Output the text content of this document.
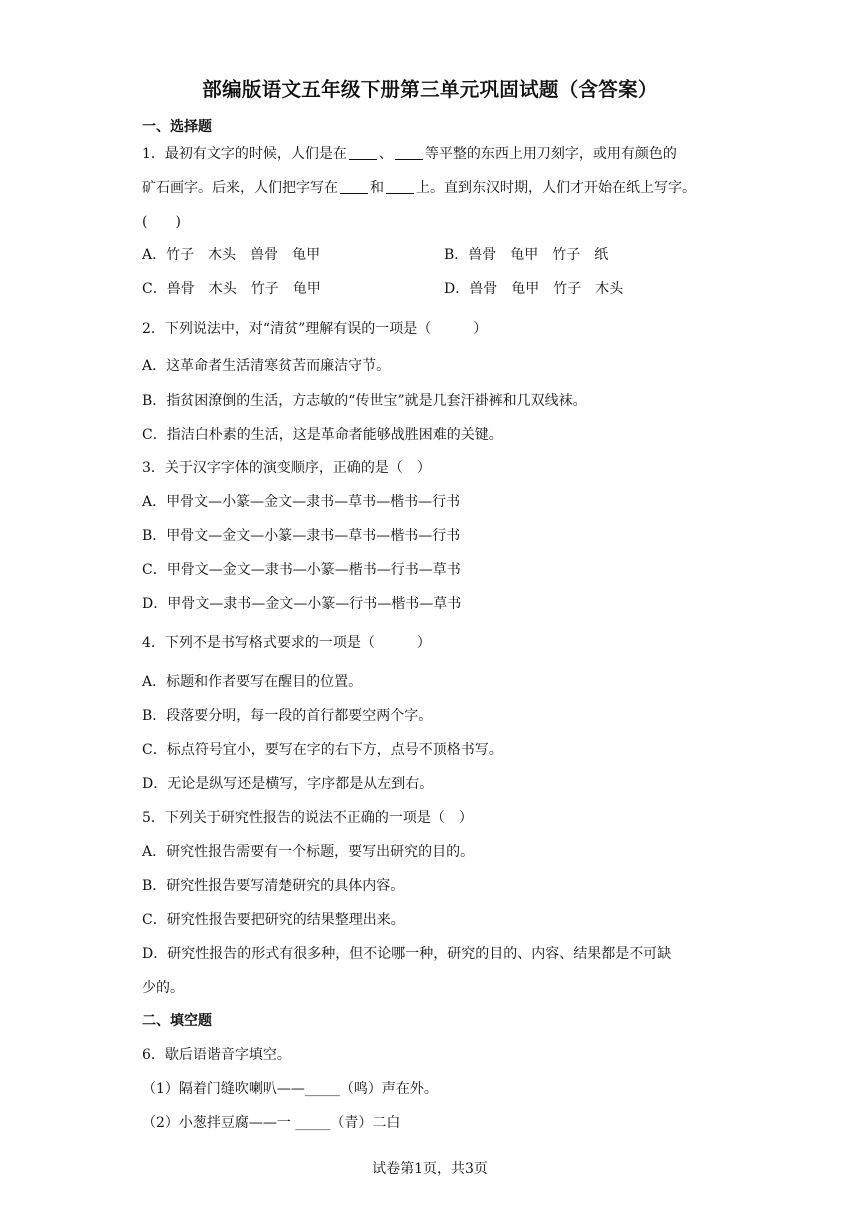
部编版语文五年级下册第三单元巩固试题（含答案）
一、选择题
1．最初有文字的时候，人们是在 、 等平整的东西上用刀刻字，或用有颜色的
矿石画字。后来，人们把字写在 和 上。直到东汉时期，人们才开始在纸上写字。
(　　)
A．竹子　木头　兽骨　龟甲	B．兽骨　龟甲　竹子　纸
C．兽骨　木头　竹子　龟甲	D．兽骨　龟甲　竹子　木头
2．下列说法中，对“清贫”理解有误的一项是（　　　）
A．这革命者生活清寒贫苦而廉洁守节。
B．指贫困潦倒的生活，方志敏的“传世宝”就是几套汗褂裤和几双线袜。
C．指洁白朴素的生活，这是革命者能够战胜困难的关键。
3．关于汉字字体的演变顺序，正确的是（　）
A．甲骨文—小篆—金文—隶书—草书—楷书—行书
B．甲骨文—金文—小篆—隶书—草书—楷书—行书
C．甲骨文—金文—隶书—小篆—楷书—行书—草书
D．甲骨文—隶书—金文—小篆—行书—楷书—草书
4．下列不是书写格式要求的一项是（　　　）
A．标题和作者要写在醒目的位置。
B．段落要分明，每一段的首行都要空两个字。
C．标点符号宜小，要写在字的右下方，点号不顶格书写。
D．无论是纵写还是横写，字序都是从左到右。
5．下列关于研究性报告的说法不正确的一项是（　）
A．研究性报告需要有一个标题，要写出研究的目的。
B．研究性报告要写清楚研究的具体内容。
C．研究性报告要把研究的结果整理出来。
D．研究性报告的形式有很多种，但不论哪一种，研究的目的、内容、结果都是不可缺
少的。
二、填空题
6．歇后语谐音字填空。
（1）隔着门缝吹喇叭——_____（鸣）声在外。
（2）小葱拌豆腐——一 _____（青）二白
试卷第1页，共3页
